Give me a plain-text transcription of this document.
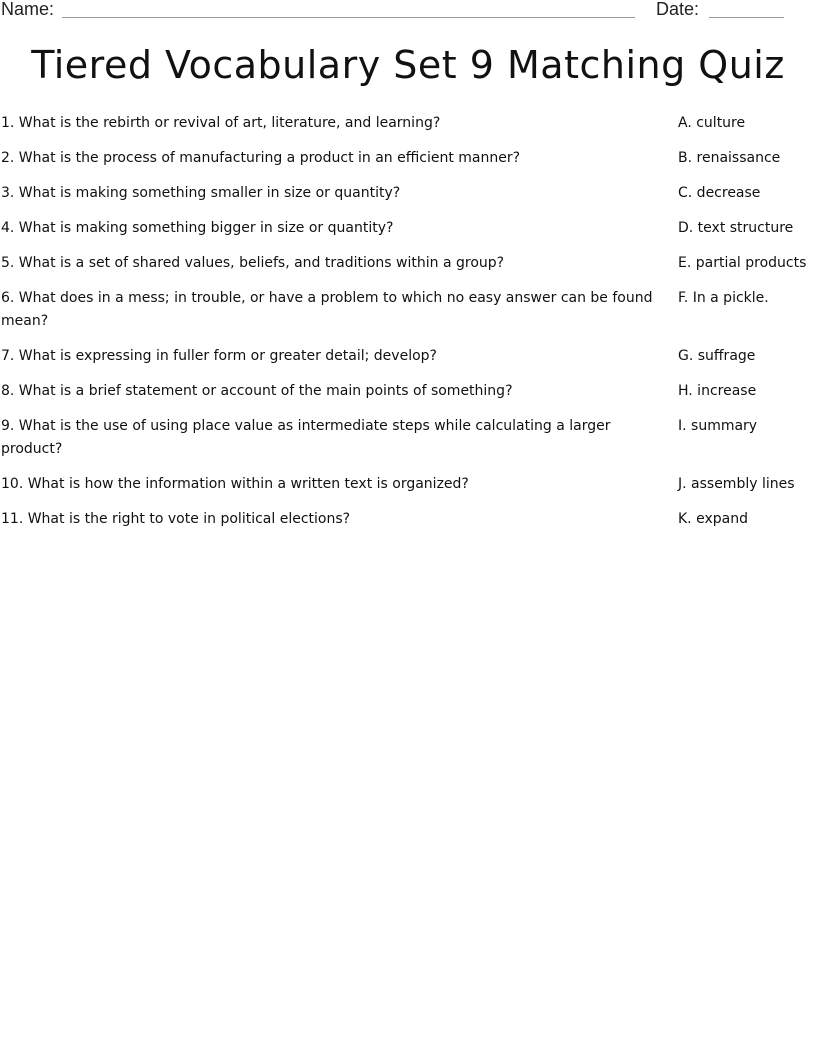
Name:	Date:
Tiered Vocabulary Set 9 Matching Quiz
1. What is the rebirth or revival of art, literature, and learning?	A. culture
2. What is the process of manufacturing a product in an efficient manner?	B. renaissance
3. What is making something smaller in size or quantity?	C. decrease
4. What is making something bigger in size or quantity?	D. text structure
5. What is a set of shared values, beliefs, and traditions within a group?	E. partial products
6. What does in a mess; in trouble, or have a problem to which no easy answer can be found mean?
F. In a pickle.
7. What is expressing in fuller form or greater detail; develop?	G. suffrage
8. What is a brief statement or account of the main points of something?	H. increase
9. What is the use of using place value as intermediate steps while calculating a larger product?
I. summary
10. What is how the information within a written text is organized?	J. assembly lines
11. What is the right to vote in political elections?	K. expand
